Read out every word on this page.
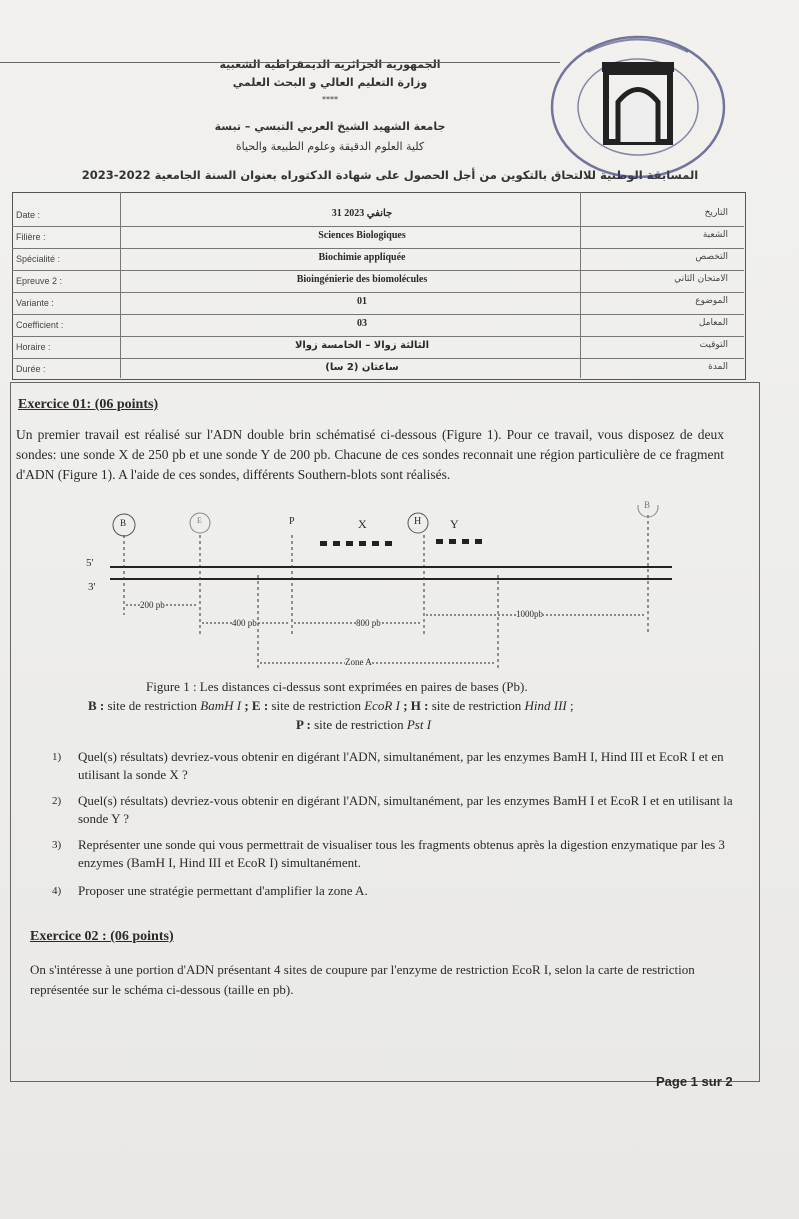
الجمهورية الجزائرية الديمقراطية الشعبية
وزارة التعليم العالي و البحث العلمي
****
جامعة الشهيد الشيخ العربي التبسي – تبسة
كلية العلوم الدقيقة وعلوم الطبيعة والحياة
المسابقة الوطنية للالتحاق بالتكوين من أجل الحصول على شهادة الدكتوراه بعنوان السنة الجامعية 2022-2023
Date :	31 جانفي 2023	التاريخ
Filière :	Sciences Biologiques	الشعبة
Spécialité :	Biochimie appliquée	التخصص
Epreuve 2 :	Bioingénierie des biomolécules	الامتحان الثاني
Variante :	01	الموضوع
Coefficient :	03	المعامل
Horaire :	الثالثة زوالا – الخامسة زوالا	التوقيت
Durée :	ساعتان (2 سا)	المدة
Exercice 01: (06 points)
Un premier travail est réalisé sur l'ADN double brin schématisé ci-dessous (Figure 1). Pour ce travail, vous disposez de deux sondes: une sonde X de 250 pb et une sonde Y de 200 pb. Chacune de ces sondes reconnait une région particulière de ce fragment d'ADN (Figure 1). A l'aide de ces sondes, différents Southern-blots sont réalisés.
B	E	P	H
B
X	Y
5'
3'
200 pb
400 pb	800 pb
1000pb
Zone A
Figure 1 : Les distances ci-dessus sont exprimées en paires de bases (Pb).
B : site de restriction BamH I ; E : site de restriction EcoR I ; H : site de restriction Hind III ;
P : site de restriction Pst I
1) Quel(s) résultats) devriez-vous obtenir en digérant l'ADN, simultanément, par les enzymes BamH I, Hind III et EcoR I et en utilisant la sonde X ?
2) Quel(s) résultats) devriez-vous obtenir en digérant l'ADN, simultanément, par les enzymes BamH I et EcoR I et en utilisant la sonde Y ?
3) Représenter une sonde qui vous permettrait de visualiser tous les fragments obtenus après la digestion enzymatique par les 3 enzymes (BamH I, Hind III et EcoR I) simultanément.
4) Proposer une stratégie permettant d'amplifier la zone A.
Exercice 02 : (06 points)
On s'intéresse à une portion d'ADN présentant 4 sites de coupure par l'enzyme de restriction EcoR I, selon la carte de restriction représentée sur le schéma ci-dessous (taille en pb).
Page 1 sur 2
